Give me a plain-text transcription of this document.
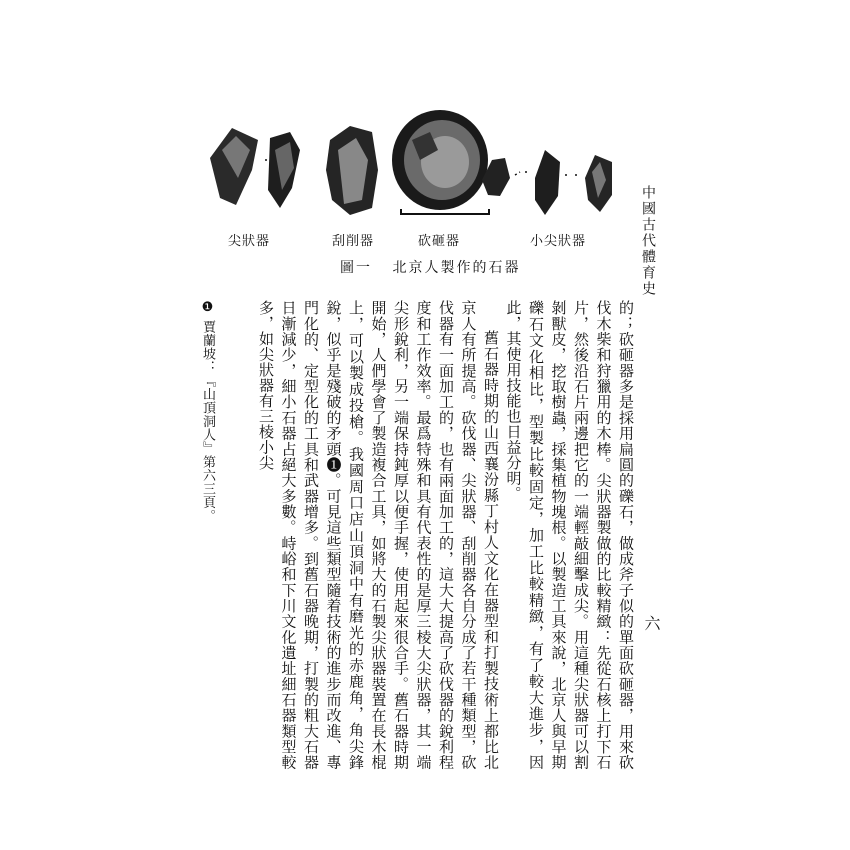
尖狀器	刮削器	砍砸器	小尖狀器
圖一 北京人製作的石器	中國古代體育史
六

的；砍砸器多是採用扁圓的礫石，做成斧子似的單面砍砸器，用來砍伐木柴和狩獵用的木棒。尖狀器製做的比較精緻：先從石核上打下石片，然後沿石片兩邊把它的一端輕敲細擊成尖。用這種尖狀器可以割剝獸皮，挖取樹蟲，採集植物塊根。以製造工具來說，北京人與早期礫石文化相比，型製比較固定，加工比較精緻，有了較大進步，因此，其使用技能也日益分明。

舊石器時期的山西襄汾縣丁村人文化在器型和打製技術上都比北京人有所提高。砍伐器、尖狀器、刮削器各自分成了若干種類型，砍伐器有一面加工的，也有兩面加工的，這大大提高了砍伐器的銳利程度和工作效率。最爲特殊和具有代表性的是厚三棱大尖狀器，其一端尖形銳利，另一端保持鈍厚以便手握，使用起來很合手。舊石器時期開始，人們學會了製造複合工具，如將大的石製尖狀器裝置在長木棍上，可以製成投槍。我國周口店山頂洞中有磨光的赤鹿角，角尖鋒銳，似乎是殘破的矛頭❶。可見這些類型隨着技術的進步而改進、專門化的、定型化的工具和武器增多。到舊石器晚期，打製的粗大石器日漸減少，細小石器占絕大多數。峙峪和下川文化遺址細石器類型較多，如尖狀器有三棱小尖

❶ 賈蘭坡：『山頂洞人』第六三頁。
